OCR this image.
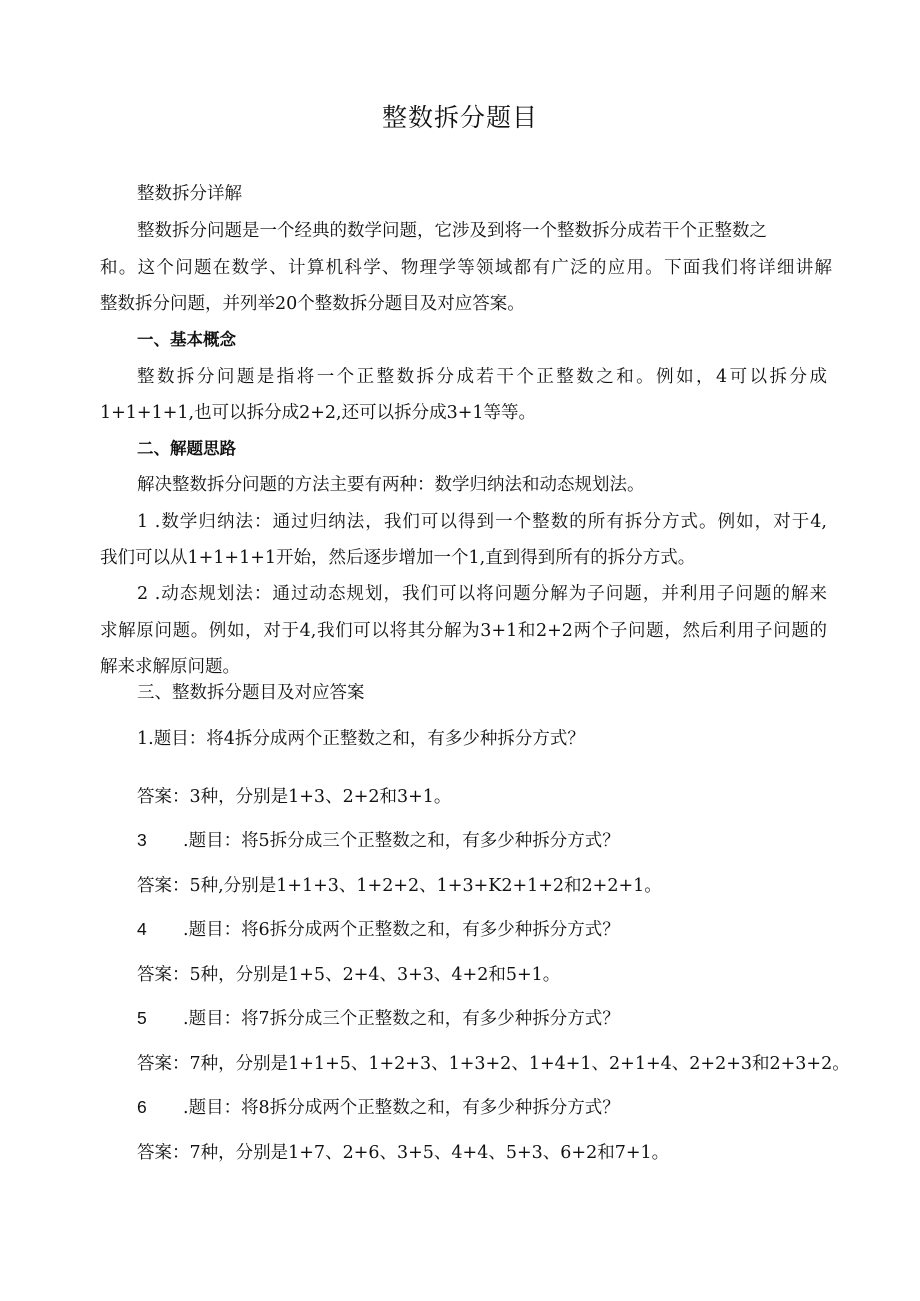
整数拆分题目
整数拆分详解
整数拆分问题是一个经典的数学问题，它涉及到将一个整数拆分成若干个正整数之
和。这个问题在数学、计算机科学、物理学等领域都有广泛的应用。下面我们将详细讲解
整数拆分问题，并列举20个整数拆分题目及对应答案。
一、基本概念
整数拆分问题是指将一个正整数拆分成若干个正整数之和。例如，4可以拆分成
1+1+1+1,也可以拆分成2+2,还可以拆分成3+1等等。
二、解题思路
解决整数拆分问题的方法主要有两种：数学归纳法和动态规划法。
1 .数学归纳法：通过归纳法，我们可以得到一个整数的所有拆分方式。例如，对于4,
我们可以从1+1+1+1开始，然后逐步增加一个1,直到得到所有的拆分方式。
2 .动态规划法：通过动态规划，我们可以将问题分解为子问题，并利用子问题的解来
求解原问题。例如，对于4,我们可以将其分解为3+1和2+2两个子问题，然后利用子问题的
解来求解原问题。
三、整数拆分题目及对应答案
1.题目：将4拆分成两个正整数之和，有多少种拆分方式？
答案：3种，分别是1+3、2+2和3+1。
3 .题目：将5拆分成三个正整数之和，有多少种拆分方式？
答案：5种,分别是1+1+3、1+2+2、1+3+K2+1+2和2+2+1。
4 .题目：将6拆分成两个正整数之和，有多少种拆分方式？
答案：5种，分别是1+5、2+4、3+3、4+2和5+1。
5 .题目：将7拆分成三个正整数之和，有多少种拆分方式？
答案：7种，分别是1+1+5、1+2+3、1+3+2、1+4+1、2+1+4、2+2+3和2+3+2。
6 .题目：将8拆分成两个正整数之和，有多少种拆分方式？
答案：7种，分别是1+7、2+6、3+5、4+4、5+3、6+2和7+1。
